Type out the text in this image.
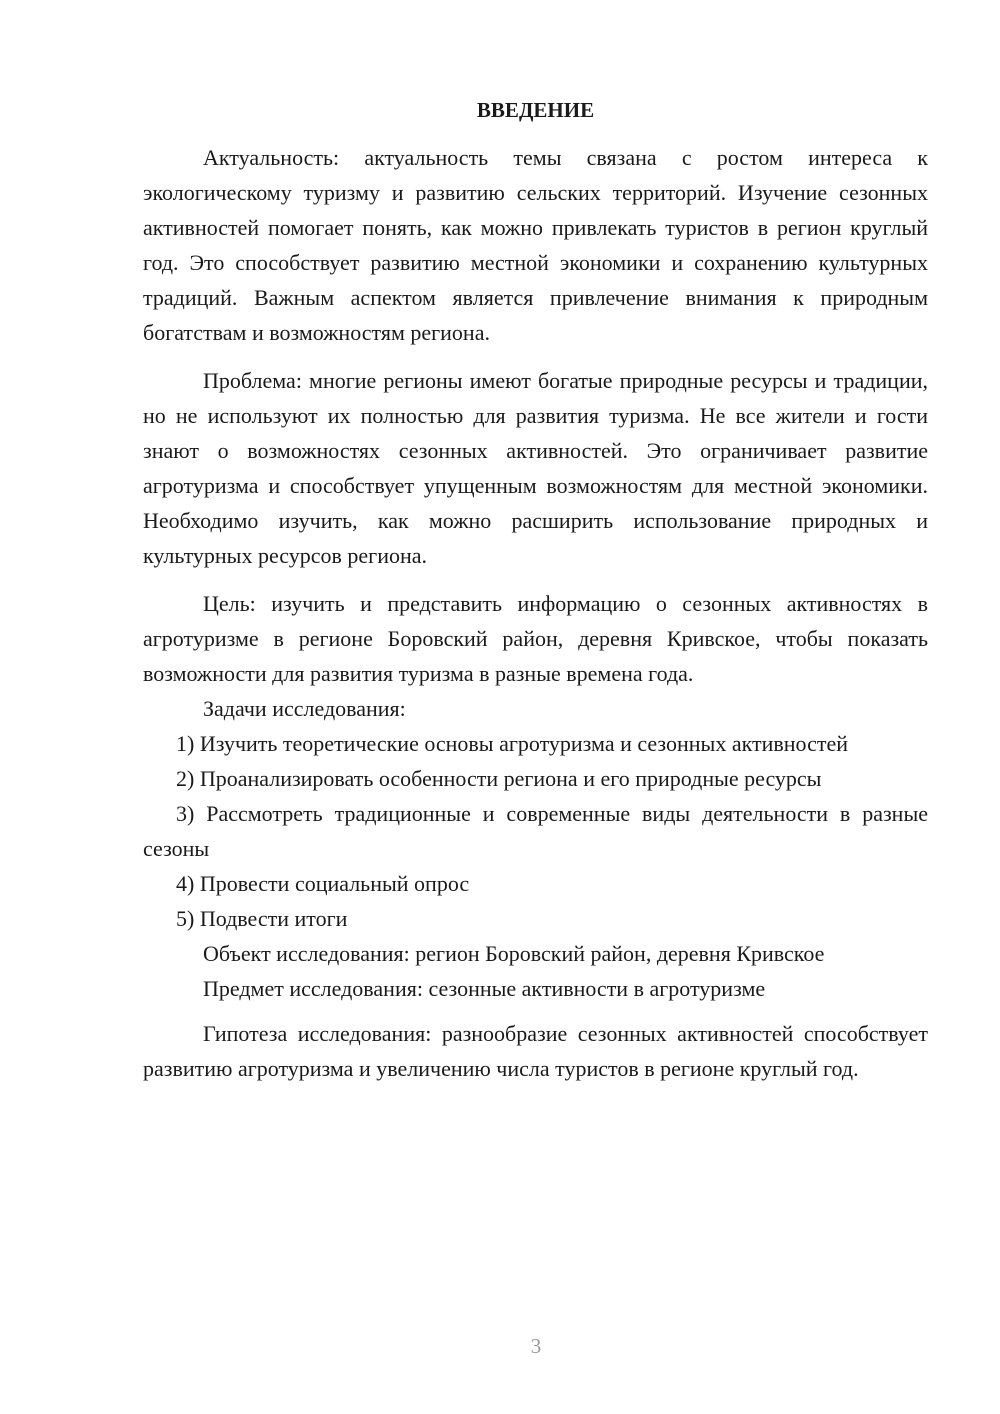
ВВЕДЕНИЕ

Актуальность: актуальность темы связана с ростом интереса к экологическому туризму и развитию сельских территорий. Изучение сезонных активностей помогает понять, как можно привлекать туристов в регион круглый год. Это способствует развитию местной экономики и сохранению культурных традиций. Важным аспектом является привлечение внимания к природным богатствам и возможностям региона.

Проблема: многие регионы имеют богатые природные ресурсы и традиции, но не используют их полностью для развития туризма. Не все жители и гости знают о возможностях сезонных активностей. Это ограничивает развитие агротуризма и способствует упущенным возможностям для местной экономики. Необходимо изучить, как можно расширить использование природных и культурных ресурсов региона.

Цель: изучить и представить информацию о сезонных активностях в агротуризме в регионе Боровский район, деревня Кривское, чтобы показать возможности для развития туризма в разные времена года.

Задачи исследования:

1) Изучить теоретические основы агротуризма и сезонных активностей

2) Проанализировать особенности региона и его природные ресурсы

3) Рассмотреть традиционные и современные виды деятельности в разные сезоны

4) Провести социальный опрос

5) Подвести итоги

Объект исследования: регион Боровский район, деревня Кривское

Предмет исследования: сезонные активности в агротуризме

Гипотеза исследования: разнообразие сезонных активностей способствует развитию агротуризма и увеличению числа туристов в регионе круглый год.

3
